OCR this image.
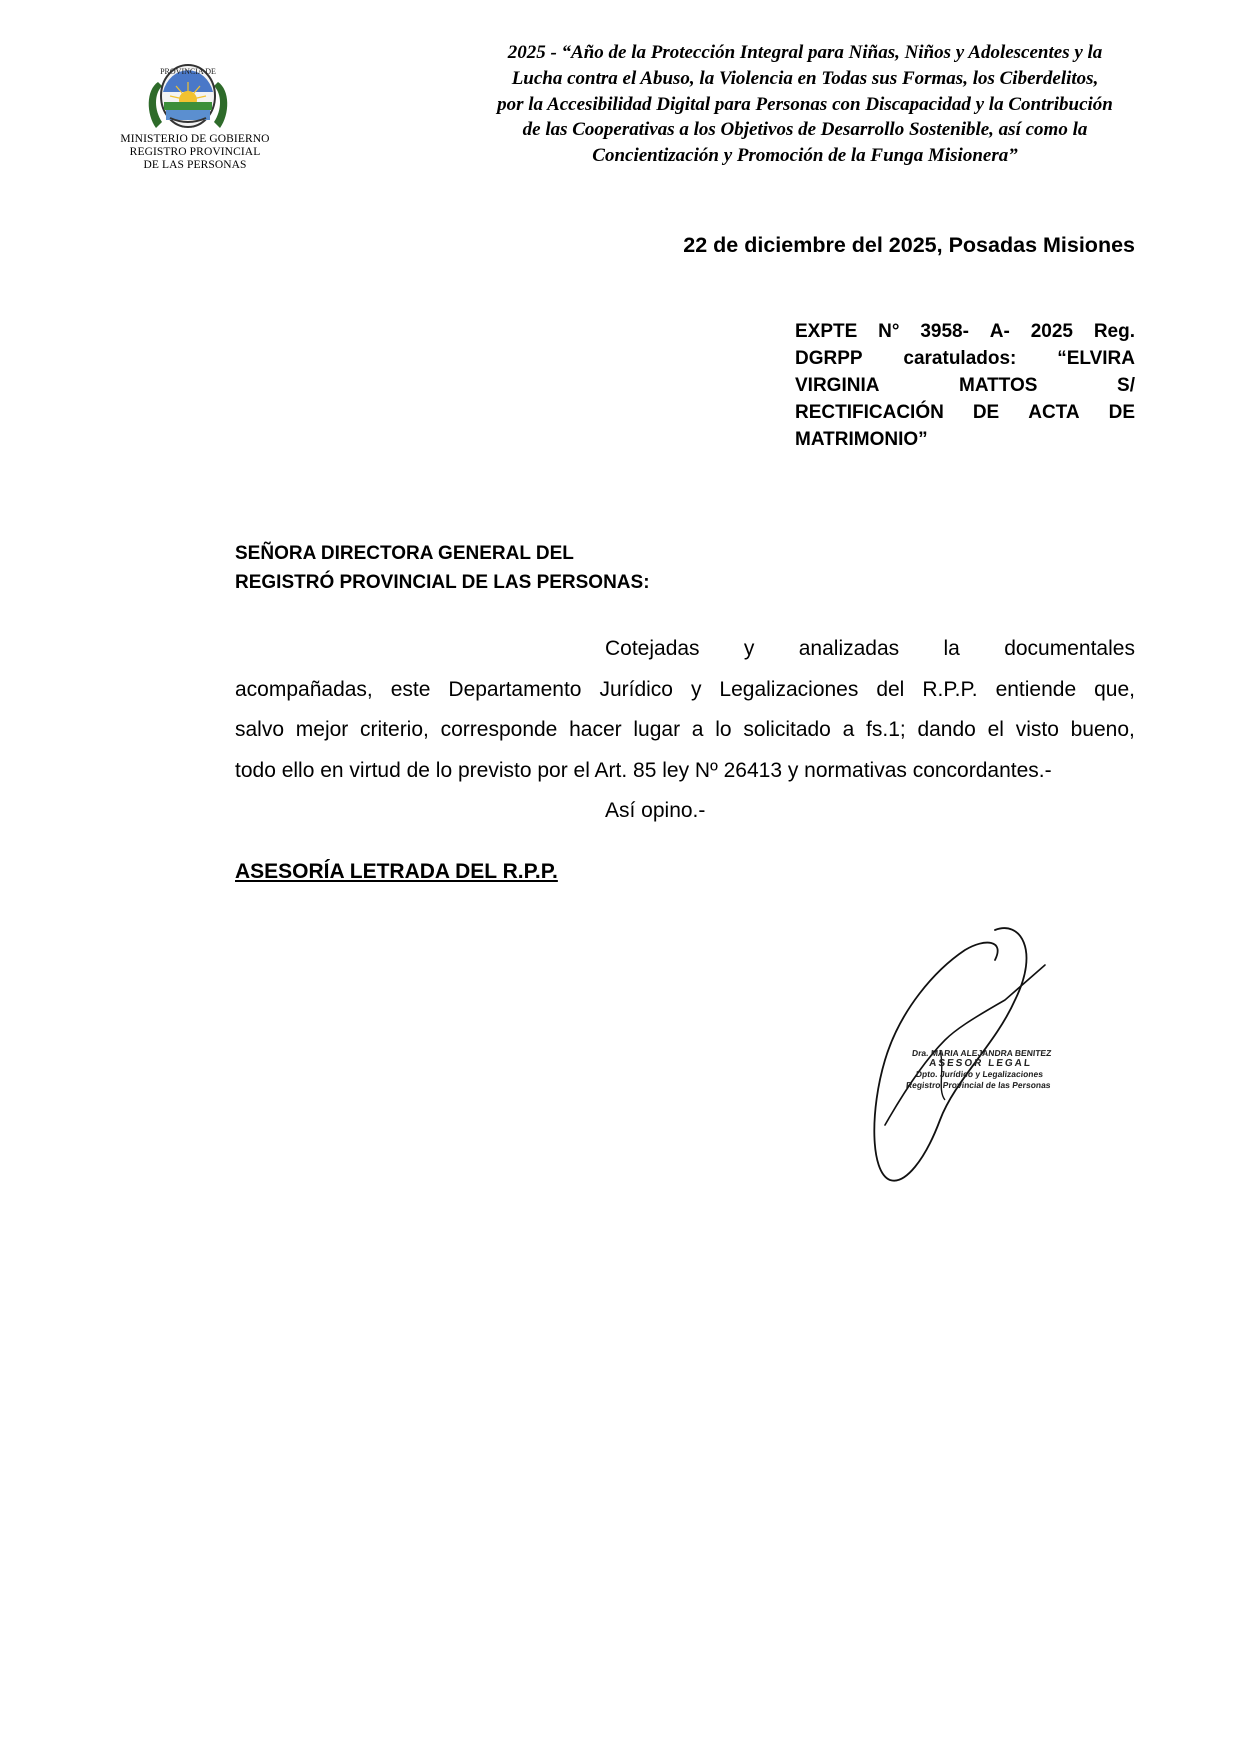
PROVINCIA DE
MINISTERIO DE GOBIERNO
REGISTRO PROVINCIAL
DE LAS PERSONAS
2025 - “Año de la Protección Integral para Niñas, Niños y Adolescentes y la
Lucha contra el Abuso, la Violencia en Todas sus Formas, los Ciberdelitos,
por la Accesibilidad Digital para Personas con Discapacidad y la Contribución
de las Cooperativas a los Objetivos de Desarrollo Sostenible, así como la
Concientización y Promoción de la Funga Misionera”
22 de diciembre del 2025, Posadas Misiones
EXPTE N° 3958- A- 2025 Reg.
DGRPP caratulados: “ELVIRA
VIRGINIA	MATTOS	S/
RECTIFICACIÓN DE ACTA DE
MATRIMONIO”
SEÑORA DIRECTORA GENERAL DEL
REGISTRÓ PROVINCIAL DE LAS PERSONAS:
Cotejadas y analizadas la documentales
acompañadas, este Departamento Jurídico y Legalizaciones del R.P.P. entiende que,
salvo mejor criterio, corresponde hacer lugar a lo solicitado a fs.1; dando el visto bueno,
todo ello en virtud de lo previsto por el Art. 85 ley Nº 26413 y normativas concordantes.-
Así opino.-
ASESORÍA LETRADA DEL R.P.P.
Dra. MARIA ALEJANDRA BENITEZ
ASESOR LEGAL
Dpto. Jurídico y Legalizaciones
Registro Provincial de las Personas
